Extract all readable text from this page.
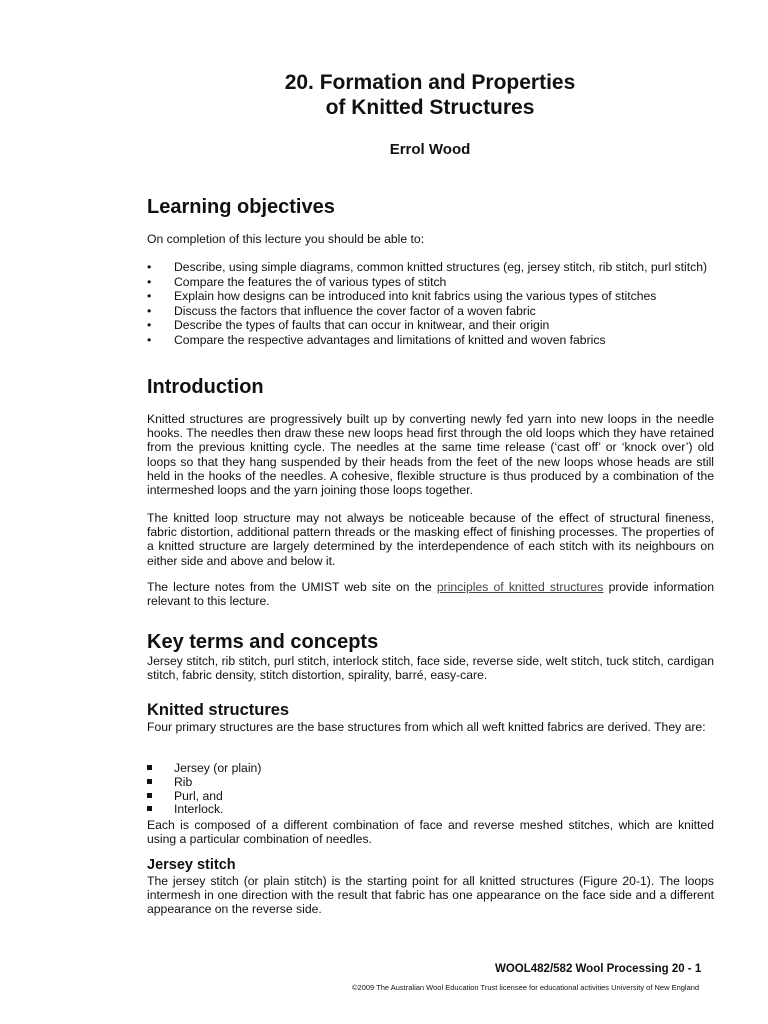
20. Formation and Properties
of Knitted Structures
Errol Wood
Learning objectives
On completion of this lecture you should be able to:
•	Describe, using simple diagrams, common knitted structures (eg, jersey stitch, rib stitch, purl stitch)
•	Compare the features the of various types of stitch
•	Explain how designs can be introduced into knit fabrics using the various types of stitches
•	Discuss the factors that influence the cover factor of a woven fabric
•	Describe the types of faults that can occur in knitwear, and their origin
•	Compare the respective advantages and limitations of knitted and woven fabrics
Introduction
Knitted structures are progressively built up by converting newly fed yarn into new loops in the needle hooks. The needles then draw these new loops head first through the old loops which they have retained from the previous knitting cycle. The needles at the same time release (‘cast off’ or ‘knock over’) old loops so that they hang suspended by their heads from the feet of the new loops whose heads are still held in the hooks of the needles. A cohesive, flexible structure is thus produced by a combination of the intermeshed loops and the yarn joining those loops together.
The knitted loop structure may not always be noticeable because of the effect of structural fineness, fabric distortion, additional pattern threads or the masking effect of finishing processes. The properties of a knitted structure are largely determined by the interdependence of each stitch with its neighbours on either side and above and below it.
The lecture notes from the UMIST web site on the principles of knitted structures provide information relevant to this lecture.
Key terms and concepts
Jersey stitch, rib stitch, purl stitch, interlock stitch, face side, reverse side, welt stitch, tuck stitch, cardigan stitch, fabric density, stitch distortion, spirality, barré, easy-care.
Knitted structures
Four primary structures are the base structures from which all weft knitted fabrics are derived. They are:
Jersey (or plain)
Rib
Purl, and
Interlock.
Each is composed of a different combination of face and reverse meshed stitches, which are knitted using a particular combination of needles.
Jersey stitch
The jersey stitch (or plain stitch) is the starting point for all knitted structures (Figure 20-1). The loops intermesh in one direction with the result that fabric has one appearance on the face side and a different appearance on the reverse side.
WOOL482/582 Wool Processing 20 - 1
©2009 The Australian Wool Education Trust licensee for educational activities University of New England
